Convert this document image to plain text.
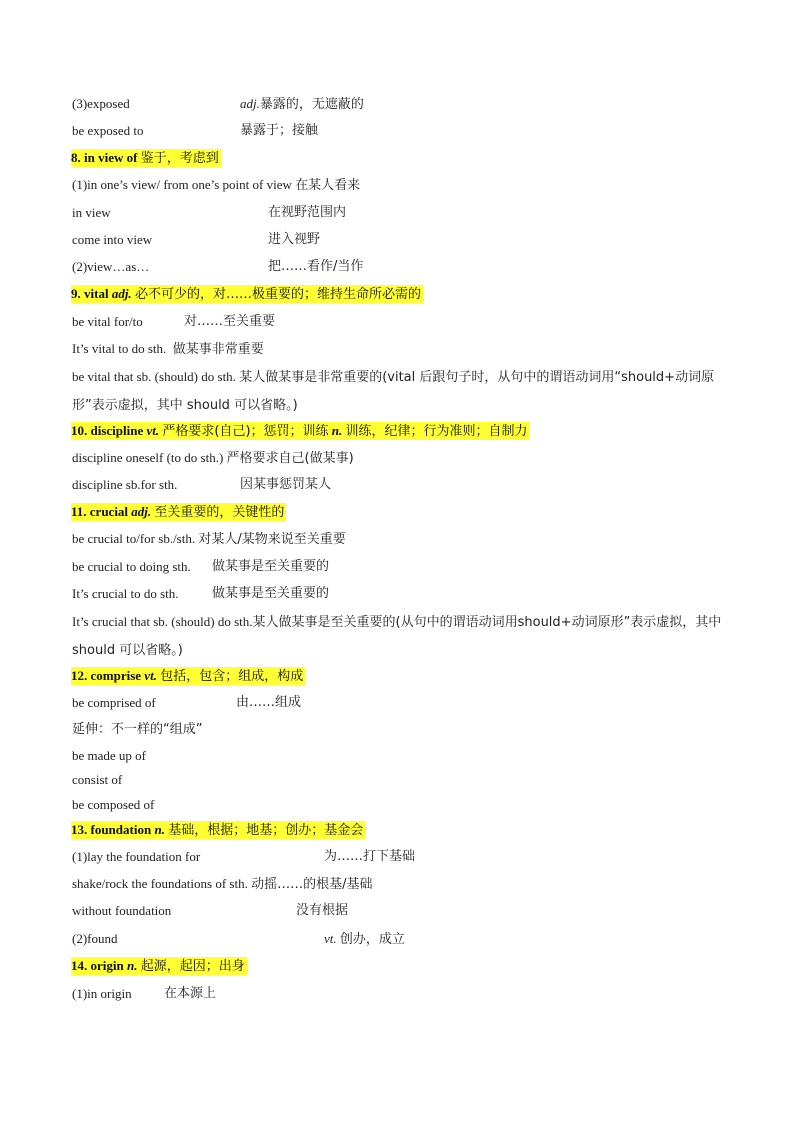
(3)exposed	adj.暴露的，无遮蔽的
be exposed to	暴露于；接触
8. in view of 鉴于，考虑到
(1)in one’s view/ from one’s point of view 在某人看来
in view	在视野范围内
come into view	进入视野
(2)view…as…	把……看作/当作
9. vital adj. 必不可少的，对……极重要的；维持生命所必需的
be vital for/to	对……至关重要
It’s vital to do sth. 做某事非常重要
be vital that sb. (should) do sth. 某人做某事是非常重要的(vital 后跟句子时，从句中的谓语动词用“should+动词原形”表示虚拟，其中 should 可以省略。)
10. discipline vt. 严格要求(自己)；惩罚；训练 n. 训练，纪律；行为准则；自制力
discipline oneself (to do sth.) 严格要求自己(做某事)
discipline sb.for sth.	因某事惩罚某人
11. crucial adj. 至关重要的，关键性的
be crucial to/for sb./sth. 对某人/某物来说至关重要
be crucial to doing sth. 做某事是至关重要的
It’s crucial to do sth.	做某事是至关重要的
It’s crucial that sb. (should) do sth.某人做某事是至关重要的(从句中的谓语动词用should+动词原形”表示虚拟，其中 should 可以省略。)
12. comprise vt. 包括，包含；组成，构成
be comprised of	由……组成
延伸：不一样的“组成”
be made up of
consist of
be composed of
13. foundation n. 基础，根据；地基；创办；基金会
(1)lay the foundation for	为……打下基础
shake/rock the foundations of sth. 动摇……的根基/基础
without foundation	没有根据
(2)found	vt. 创办，成立
14. origin n. 起源，起因；出身
(1)in origin 在本源上
